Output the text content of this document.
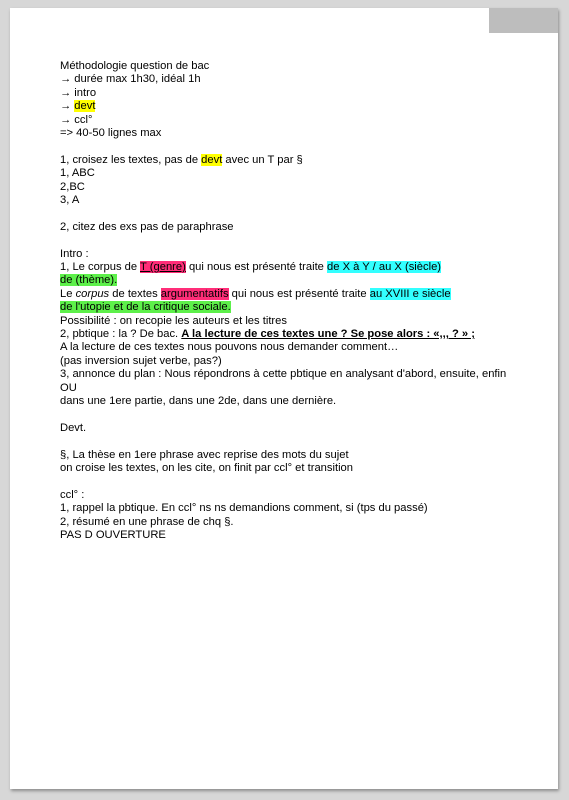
Méthodologie question de bac
→ durée max 1h30, idéal 1h
→ intro
→ devt
→ ccl°
=> 40-50 lignes max
1, croisez les textes, pas de devt avec un T par §
1, ABC
2,BC
3, A
2, citez des exs pas de paraphrase
Intro :
1, Le corpus de T (genre) qui nous est présenté traite de X à Y / au X (siècle)
de (thème).
Le corpus de textes argumentatifs qui nous est présenté traite au XVIII e siècle
de l'utopie et de la critique sociale.
Possibilité : on recopie les auteurs et les titres
2, pbtique : la ? De bac. A la lecture de ces textes une ? Se pose alors : «,,, ? » ;
A la lecture de ces textes nous pouvons nous demander comment…
(pas inversion sujet verbe, pas?)
3, annonce du plan : Nous répondrons à cette pbtique en analysant d'abord, ensuite, enfin
OU
dans une 1ere partie, dans une 2de, dans une dernière.
Devt.
§, La thèse en 1ere phrase avec reprise des mots du sujet
on croise les textes, on les cite, on finit par ccl° et transition
ccl° :
1, rappel la pbtique. En ccl° ns ns demandions comment, si (tps du passé)
2, résumé en une phrase de chq §.
PAS D OUVERTURE
